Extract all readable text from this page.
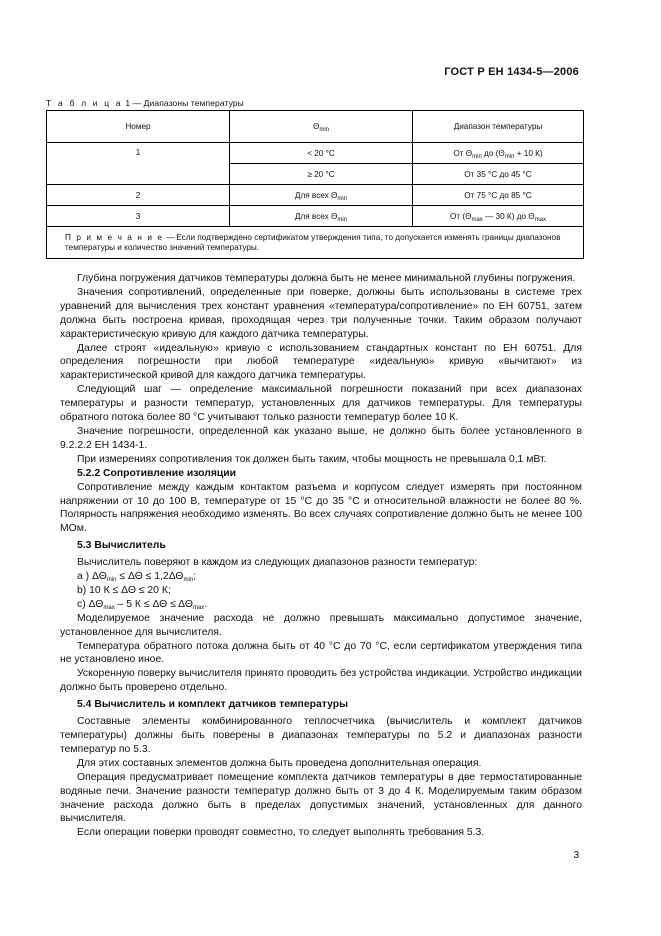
ГОСТ Р ЕН 1434-5—2006
Т а б л и ц а 1 — Диапазоны температуры
Номер	$\Theta_{min}$	Диапазон температуры
1	< 20 °C	От $\Theta_{min}$ до ($\Theta_{min} + 10$ К)
	≥ 20 °C	От 35 °C до 45 °C
2	Для всех $\Theta_{min}$	От 75 °C до 85 °C
3	Для всех $\Theta_{min}$	От ($\Theta_{max}$ — 30 К) до $\Theta_{max}$
П р и м е ч а н и е — Если подтверждено сертификатом утверждения типа, то допускается изменять границы диапазонов температуры и количество значений температуры.		

Глубина погружения датчиков температуры должна быть не менее минимальной глубины погружения.

Значения сопротивлений, определенные при поверке, должны быть использованы в системе трех уравнений для вычисления трех констант уравнения «температура/сопротивление» по ЕН 60751, затем должна быть построена кривая, проходящая через три полученные точки. Таким образом получают характеристическую кривую для каждого датчика температуры.

Далее строят «идеальную» кривую с использованием стандартных констант по ЕН 60751. Для определения погрешности при любой температуре «идеальную» кривую «вычитают» из характеристической кривой для каждого датчика температуры.

Следующий шаг — определение максимальной погрешности показаний при всех диапазонах температуры и разности температур, установленных для датчиков температуры. Для температуры обратного потока более 80 °C учитывают только разности температур более 10 К.

Значение погрешности, определенной как указано выше, не должно быть более установленного в 9.2.2.2 ЕН 1434-1.

При измерениях сопротивления ток должен быть таким, чтобы мощность не превышала 0,1 мВт.

5.2.2 Сопротивление изоляции

Сопротивление между каждым контактом разъема и корпусом следует измерять при постоянном напряжении от 10 до 100 В, температуре от 15 °C до 35 °C и относительной влажности не более 80 %. Полярность напряжения необходимо изменять. Во всех случаях сопротивление должно быть не менее 100 МОм.

5.3 Вычислитель

Вычислитель поверяют в каждом из следующих диапазонов разности температур:

а ) $\Delta\Theta_{min} \le \Delta\Theta \le 1,2\Delta\Theta_{min}$;

b) 10 К ≤ ΔΘ ≤ 20 К;

c) $\Delta\Theta_{max} - 5$ $К \le \Delta\Theta \le \Delta\Theta_{max}$.

Моделируемое значение расхода не должно превышать максимально допустимое значение, установленное для вычислителя.

Температура обратного потока должна быть от 40 °C до 70 °C, если сертификатом утверждения типа не установлено иное.

Ускоренную поверку вычислителя принято проводить без устройства индикации. Устройство индикации должно быть проверено отдельно.

5.4 Вычислитель и комплект датчиков температуры

Составные элементы комбинированного теплосчетчика (вычислитель и комплект датчиков температуры) должны быть поверены в диапазонах температуры по 5.2 и диапазонах разности температур по 5.3.

Для этих составных элементов должна быть проведена дополнительная операция.

Операция предусматривает помещение комплекта датчиков температуры в две термостатированные водяные печи. Значение разности температур должно быть от 3 до 4 К. Моделируемым таким образом значение расхода должно быть в пределах допустимых значений, установленных для данного вычислителя.

Если операции поверки проводят совместно, то следует выполнять требования 5.3.

3
